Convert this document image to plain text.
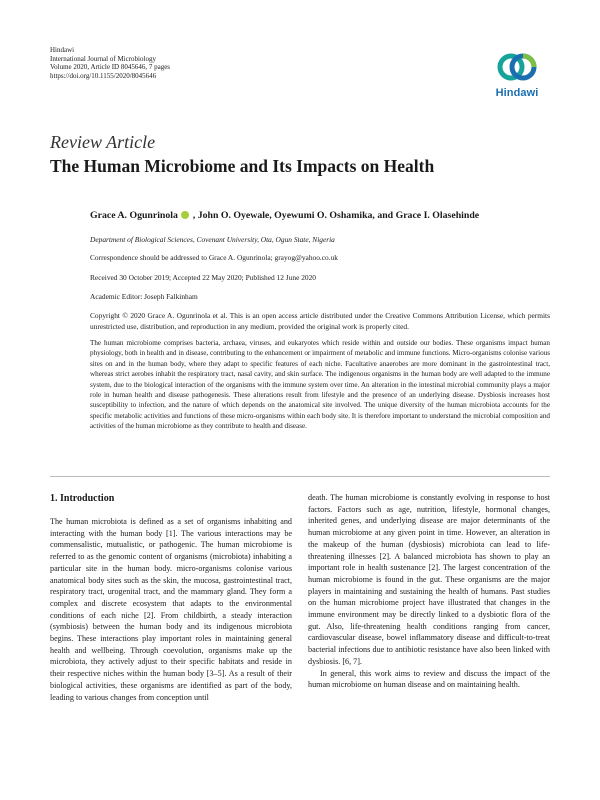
Hindawi
International Journal of Microbiology
Volume 2020, Article ID 8045646, 7 pages
https://doi.org/10.1155/2020/8045646
Hindawi
Review Article
The Human Microbiome and Its Impacts on Health
Grace A. Ogunrinola , John O. Oyewale, Oyewumi O. Oshamika, and Grace I. Olasehinde
Department of Biological Sciences, Covenant University, Ota, Ogun State, Nigeria
Correspondence should be addressed to Grace A. Ogunrinola; grayog@yahoo.co.uk
Received 30 October 2019; Accepted 22 May 2020; Published 12 June 2020
Academic Editor: Joseph Falkinham
Copyright © 2020 Grace A. Ogunrinola et al. This is an open access article distributed under the Creative Commons Attribution License, which permits unrestricted use, distribution, and reproduction in any medium, provided the original work is properly cited.
The human microbiome comprises bacteria, archaea, viruses, and eukaryotes which reside within and outside our bodies. These organisms impact human physiology, both in health and in disease, contributing to the enhancement or impairment of metabolic and immune functions. Micro-organisms colonise various sites on and in the human body, where they adapt to specific features of each niche. Facultative anaerobes are more dominant in the gastrointestinal tract, whereas strict aerobes inhabit the respiratory tract, nasal cavity, and skin surface. The indigenous organisms in the human body are well adapted to the immune system, due to the biological interaction of the organisms with the immune system over time. An alteration in the intestinal microbial community plays a major role in human health and disease pathogenesis. These alterations result from lifestyle and the presence of an underlying disease. Dysbiosis increases host susceptibility to infection, and the nature of which depends on the anatomical site involved. The unique diversity of the human microbiota accounts for the specific metabolic activities and functions of these micro-organisms within each body site. It is therefore important to understand the microbial composition and activities of the human microbiome as they contribute to health and disease.
1. Introduction

The human microbiota is defined as a set of organisms inhabiting and interacting with the human body [1]. The various interactions may be commensalistic, mutualistic, or pathogenic. The human microbiome is referred to as the genomic content of organisms (microbiota) inhabiting a particular site in the human body. micro-organisms colonise various anatomical body sites such as the skin, the mucosa, gastrointestinal tract, respiratory tract, urogenital tract, and the mammary gland. They form a complex and discrete ecosystem that adapts to the environmental conditions of each niche [2]. From childbirth, a steady interaction (symbiosis) between the human body and its indigenous microbiota begins. These interactions play important roles in maintaining general health and wellbeing. Through coevolution, organisms make up the microbiota, they actively adjust to their specific habitats and reside in their respective niches within the human body [3–5]. As a result of their biological activities, these organisms are identified as part of the body, leading to various changes from conception until

death. The human microbiome is constantly evolving in response to host factors. Factors such as age, nutrition, lifestyle, hormonal changes, inherited genes, and underlying disease are major determinants of the human microbiome at any given point in time. However, an alteration in the makeup of the human (dysbiosis) microbiota can lead to life-threatening illnesses [2]. A balanced microbiota has shown to play an important role in health sustenance [2]. The largest concentration of the human microbiome is found in the gut. These organisms are the major players in maintaining and sustaining the health of humans. Past studies on the human microbiome project have illustrated that changes in the immune environment may be directly linked to a dysbiotic flora of the gut. Also, life-threatening health conditions ranging from cancer, cardiovascular disease, bowel inflammatory disease and difficult-to-treat bacterial infections due to antibiotic resistance have also been linked with dysbiosis. [6, 7].

In general, this work aims to review and discuss the impact of the human microbiome on human disease and on maintaining health.
